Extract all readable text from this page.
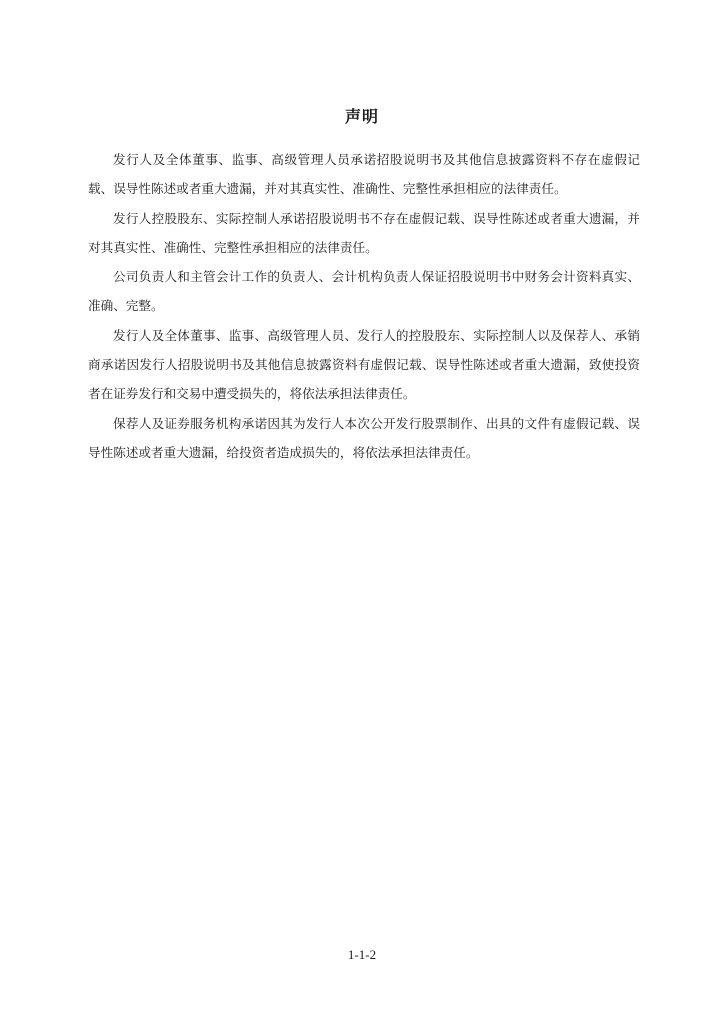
声明

发行人及全体董事、监事、高级管理人员承诺招股说明书及其他信息披露资料不存在虚假记载、误导性陈述或者重大遗漏，并对其真实性、准确性、完整性承担相应的法律责任。

发行人控股股东、实际控制人承诺招股说明书不存在虚假记载、误导性陈述或者重大遗漏，并对其真实性、准确性、完整性承担相应的法律责任。

公司负责人和主管会计工作的负责人、会计机构负责人保证招股说明书中财务会计资料真实、准确、完整。

发行人及全体董事、监事、高级管理人员、发行人的控股股东、实际控制人以及保荐人、承销商承诺因发行人招股说明书及其他信息披露资料有虚假记载、误导性陈述或者重大遗漏，致使投资者在证券发行和交易中遭受损失的，将依法承担法律责任。

保荐人及证券服务机构承诺因其为发行人本次公开发行股票制作、出具的文件有虚假记载、误导性陈述或者重大遗漏，给投资者造成损失的，将依法承担法律责任。

1-1-2
